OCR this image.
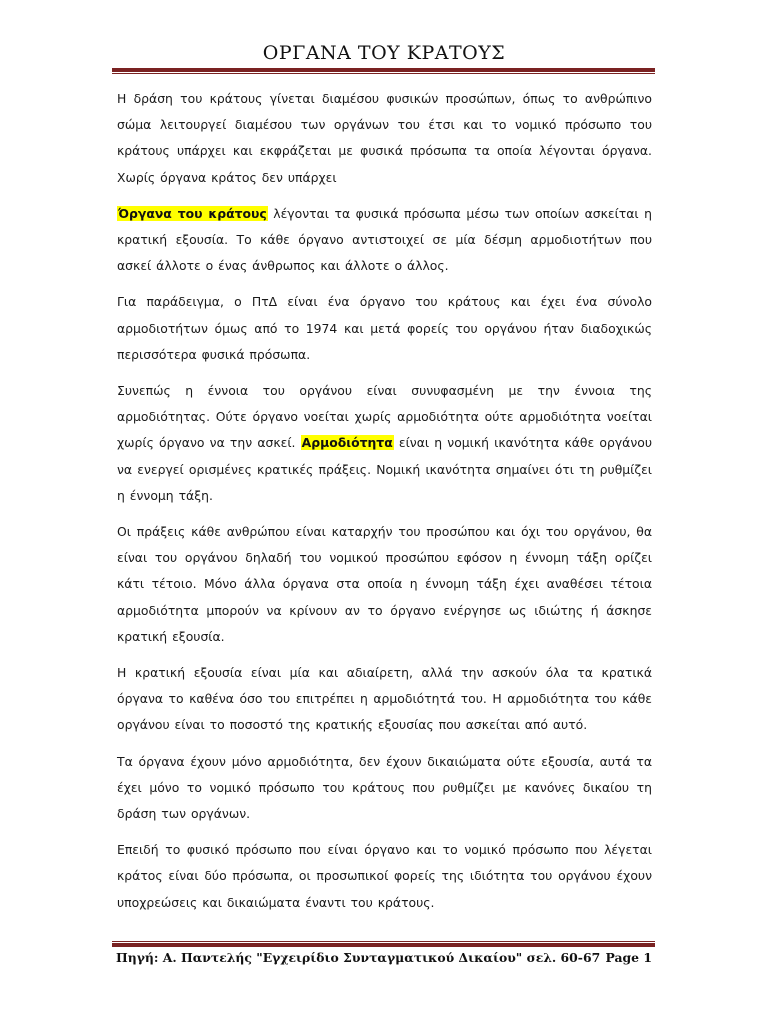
ΟΡΓΑΝΑ ΤΟΥ ΚΡΑΤΟΥΣ

Η δράση του κράτους γίνεται διαμέσου φυσικών προσώπων, όπως το ανθρώπινο σώμα λειτουργεί διαμέσου των οργάνων του έτσι και το νομικό πρόσωπο του κράτους υπάρχει και εκφράζεται με φυσικά πρόσωπα τα οποία λέγονται όργανα. Χωρίς όργανα κράτος δεν υπάρχει

Όργανα του κράτους λέγονται τα φυσικά πρόσωπα μέσω των οποίων ασκείται η κρατική εξουσία. Το κάθε όργανο αντιστοιχεί σε μία δέσμη αρμοδιοτήτων που ασκεί άλλοτε ο ένας άνθρωπος και άλλοτε ο άλλος.

Για παράδειγμα, ο ΠτΔ είναι ένα όργανο του κράτους και έχει ένα σύνολο αρμοδιοτήτων όμως από το 1974 και μετά φορείς του οργάνου ήταν διαδοχικώς περισσότερα φυσικά πρόσωπα.

Συνεπώς η έννοια του οργάνου είναι συνυφασμένη με την έννοια της αρμοδιότητας. Ούτε όργανο νοείται χωρίς αρμοδιότητα ούτε αρμοδιότητα νοείται χωρίς όργανο να την ασκεί. Αρμοδιότητα είναι η νομική ικανότητα κάθε οργάνου να ενεργεί ορισμένες κρατικές πράξεις. Νομική ικανότητα σημαίνει ότι τη ρυθμίζει η έννομη τάξη.

Οι πράξεις κάθε ανθρώπου είναι καταρχήν του προσώπου και όχι του οργάνου, θα είναι του οργάνου δηλαδή του νομικού προσώπου εφόσον η έννομη τάξη ορίζει κάτι τέτοιο. Μόνο άλλα όργανα στα οποία η έννομη τάξη έχει αναθέσει τέτοια αρμοδιότητα μπορούν να κρίνουν αν το όργανο ενέργησε ως ιδιώτης ή άσκησε κρατική εξουσία.

Η κρατική εξουσία είναι μία και αδιαίρετη, αλλά την ασκούν όλα τα κρατικά όργανα το καθένα όσο του επιτρέπει η αρμοδιότητά του. Η αρμοδιότητα του κάθε οργάνου είναι το ποσοστό της κρατικής εξουσίας που ασκείται από αυτό.

Τα όργανα έχουν μόνο αρμοδιότητα, δεν έχουν δικαιώματα ούτε εξουσία, αυτά τα έχει μόνο το νομικό πρόσωπο του κράτους που ρυθμίζει με κανόνες δικαίου τη δράση των οργάνων.

Επειδή το φυσικό πρόσωπο που είναι όργανο και το νομικό πρόσωπο που λέγεται κράτος είναι δύο πρόσωπα, οι προσωπικοί φορείς της ιδιότητα του οργάνου έχουν υποχρεώσεις και δικαιώματα έναντι του κράτους.

Πηγή: Α. Παντελής "Εγχειρίδιο Συνταγματικού Δικαίου" σελ. 60-67 Page 1
